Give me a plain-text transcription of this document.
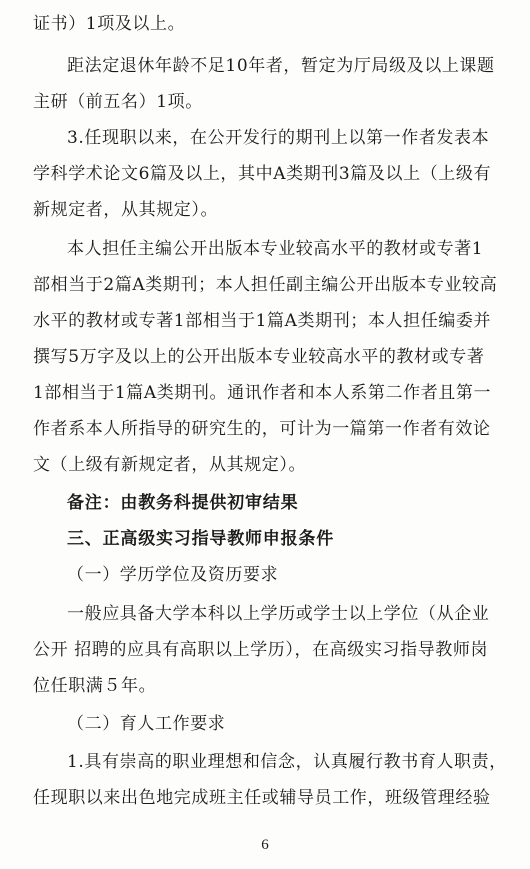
证书）1项及以上。
距法定退休年龄不足10年者，暂定为厅局级及以上课题
主研（前五名）1项。
3.任现职以来，在公开发行的期刊上以第一作者发表本
学科学术论文6篇及以上，其中A类期刊3篇及以上（上级有
新规定者，从其规定）。
本人担任主编公开出版本专业较高水平的教材或专著1
部相当于2篇A类期刊；本人担任副主编公开出版本专业较高
水平的教材或专著1部相当于1篇A类期刊；本人担任编委并
撰写5万字及以上的公开出版本专业较高水平的教材或专著
1部相当于1篇A类期刊。通讯作者和本人系第二作者且第一
作者系本人所指导的研究生的，可计为一篇第一作者有效论
文（上级有新规定者，从其规定）。
备注：由教务科提供初审结果
三、正高级实习指导教师申报条件
（一）学历学位及资历要求
一般应具备大学本科以上学历或学士以上学位（从企业
公开 招聘的应具有高职以上学历），在高级实习指导教师岗
位任职满５年。
（二）育人工作要求
1.具有崇高的职业理想和信念，认真履行教书育人职责，
任现职以来出色地完成班主任或辅导员工作，班级管理经验
6
